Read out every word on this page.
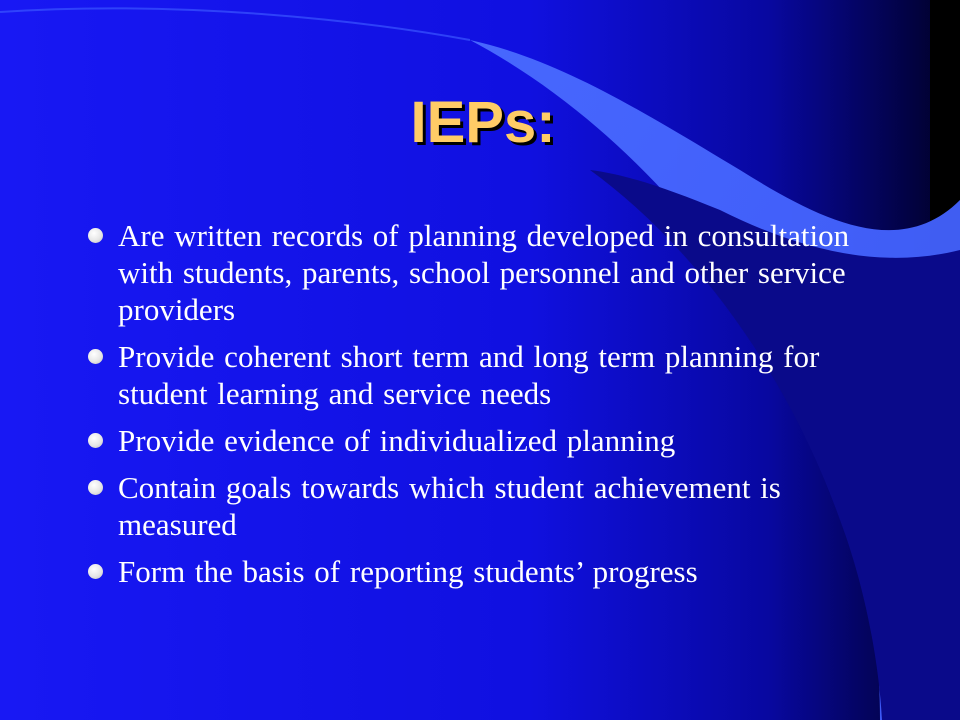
IEPs:
Are written records of planning developed in consultation with students, parents, school personnel and other service providers
Provide coherent short term and long term planning for student learning and service needs
Provide evidence of individualized planning
Contain goals towards which student achievement is measured
Form the basis of reporting students’ progress
